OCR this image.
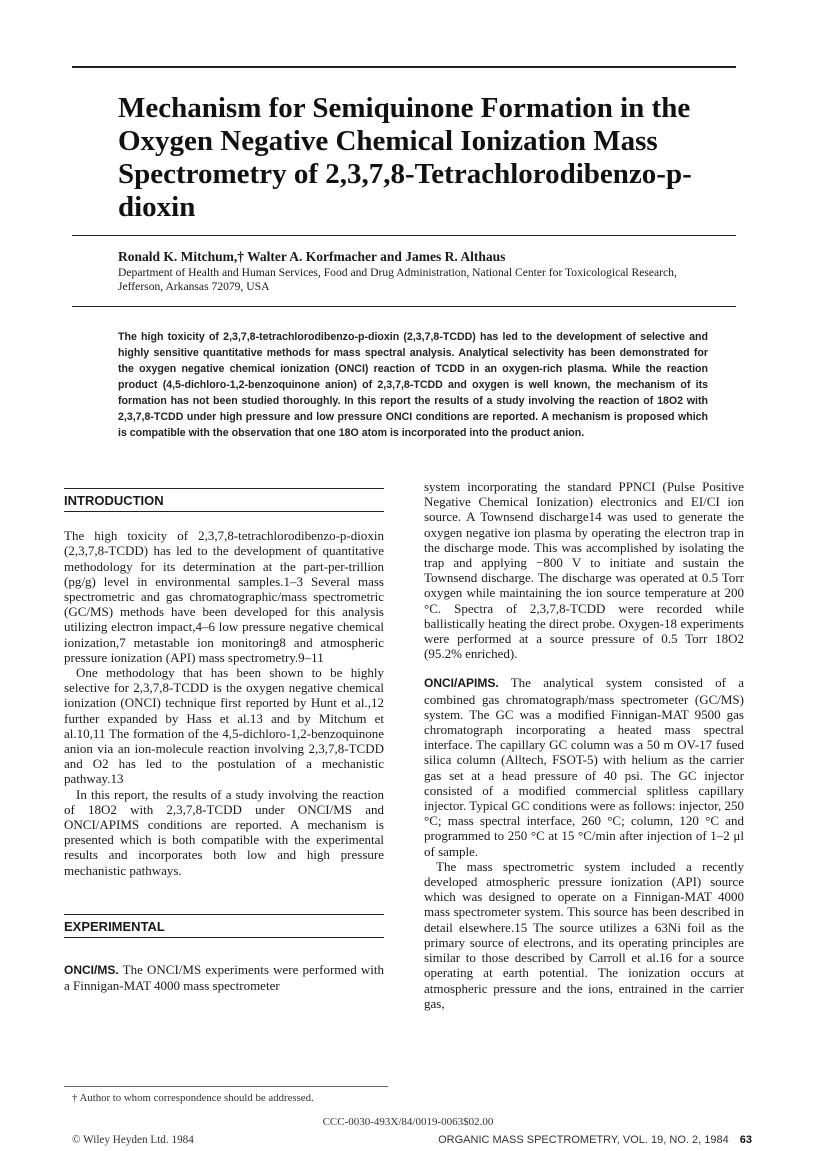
Mechanism for Semiquinone Formation in the Oxygen Negative Chemical Ionization Mass Spectrometry of 2,3,7,8-Tetrachlorodibenzo-p-dioxin
Ronald K. Mitchum,† Walter A. Korfmacher and James R. Althaus
Department of Health and Human Services, Food and Drug Administration, National Center for Toxicological Research, Jefferson, Arkansas 72079, USA
The high toxicity of 2,3,7,8-tetrachlorodibenzo-p-dioxin (2,3,7,8-TCDD) has led to the development of selective and highly sensitive quantitative methods for mass spectral analysis. Analytical selectivity has been demonstrated for the oxygen negative chemical ionization (ONCI) reaction of TCDD in an oxygen-rich plasma. While the reaction product (4,5-dichloro-1,2-benzoquinone anion) of 2,3,7,8-TCDD and oxygen is well known, the mechanism of its formation has not been studied thoroughly. In this report the results of a study involving the reaction of 18O2 with 2,3,7,8-TCDD under high pressure and low pressure ONCI conditions are reported. A mechanism is proposed which is compatible with the observation that one 18O atom is incorporated into the product anion.
INTRODUCTION

The high toxicity of 2,3,7,8-tetrachlorodibenzo-p-dioxin (2,3,7,8-TCDD) has led to the development of quantitative methodology for its determination at the part-per-trillion (pg/g) level in environmental samples.1–3 Several mass spectrometric and gas chromatographic/mass spectrometric (GC/MS) methods have been developed for this analysis utilizing electron impact,4–6 low pressure negative chemical ionization,7 metastable ion monitoring8 and atmospheric pressure ionization (API) mass spectrometry.9–11

One methodology that has been shown to be highly selective for 2,3,7,8-TCDD is the oxygen negative chemical ionization (ONCI) technique first reported by Hunt et al.,12 further expanded by Hass et al.13 and by Mitchum et al.10,11 The formation of the 4,5-dichloro-1,2-benzoquinone anion via an ion-molecule reaction involving 2,3,7,8-TCDD and O2 has led to the postulation of a mechanistic pathway.13

In this report, the results of a study involving the reaction of 18O2 with 2,3,7,8-TCDD under ONCI/MS and ONCI/APIMS conditions are reported. A mechanism is presented which is both compatible with the experimental results and incorporates both low and high pressure mechanistic pathways.

EXPERIMENTAL

ONCI/MS. The ONCI/MS experiments were performed with a Finnigan-MAT 4000 mass spectrometer

system incorporating the standard PPNCI (Pulse Positive Negative Chemical Ionization) electronics and EI/CI ion source. A Townsend discharge14 was used to generate the oxygen negative ion plasma by operating the electron trap in the discharge mode. This was accomplished by isolating the trap and applying −800 V to initiate and sustain the Townsend discharge. The discharge was operated at 0.5 Torr oxygen while maintaining the ion source temperature at 200 °C. Spectra of 2,3,7,8-TCDD were recorded while ballistically heating the direct probe. Oxygen-18 experiments were performed at a source pressure of 0.5 Torr 18O2 (95.2% enriched).

ONCI/APIMS. The analytical system consisted of a combined gas chromatograph/mass spectrometer (GC/MS) system. The GC was a modified Finnigan-MAT 9500 gas chromatograph incorporating a heated mass spectral interface. The capillary GC column was a 50 m OV-17 fused silica column (Alltech, FSOT-5) with helium as the carrier gas set at a head pressure of 40 psi. The GC injector consisted of a modified commercial splitless capillary injector. Typical GC conditions were as follows: injector, 250 °C; mass spectral interface, 260 °C; column, 120 °C and programmed to 250 °C at 15 °C/min after injection of 1–2 μl of sample.

The mass spectrometric system included a recently developed atmospheric pressure ionization (API) source which was designed to operate on a Finnigan-MAT 4000 mass spectrometer system. This source has been described in detail elsewhere.15 The source utilizes a 63Ni foil as the primary source of electrons, and its operating principles are similar to those described by Carroll et al.16 for a source operating at earth potential. The ionization occurs at atmospheric pressure and the ions, entrained in the carrier gas,

† Author to whom correspondence should be addressed.
CCC-0030-493X/84/0019-0063$02.00
© Wiley Heyden Ltd. 1984	ORGANIC MASS SPECTROMETRY, VOL. 19, NO. 2, 1984 63
